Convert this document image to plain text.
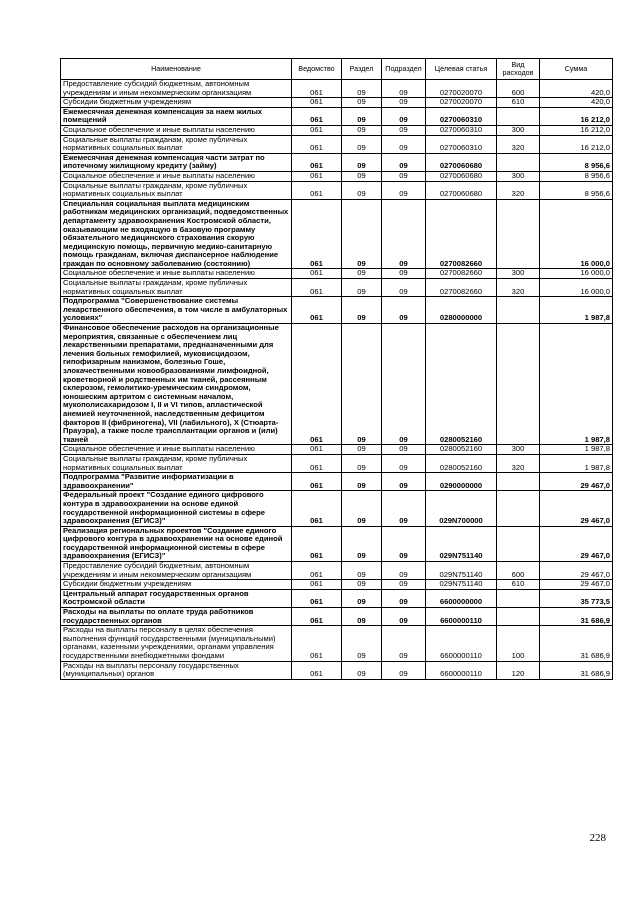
Наименование	Ведомство	Раздел	Подраздел	Целевая статья	Вид расходов	Сумма
Предоставление субсидий бюджетным, автономным учреждениям и иным некоммерческим организациям	061	09	09	0270020070	600	420,0
Субсидии бюджетным учреждениям	061	09	09	0270020070	610	420,0
Ежемесячная денежная компенсация за наем жилых помещений	061	09	09	0270060310		16 212,0
Социальное обеспечение и иные выплаты населению	061	09	09	0270060310	300	16 212,0
Социальные выплаты гражданам, кроме публичных нормативных социальных выплат	061	09	09	0270060310	320	16 212,0
Ежемесячная денежная компенсация части затрат по ипотечному жилищному кредиту (займу)	061	09	09	0270060680		8 956,6
Социальное обеспечение и иные выплаты населению	061	09	09	0270060680	300	8 956,6
Социальные выплаты гражданам, кроме публичных нормативных социальных выплат	061	09	09	0270060680	320	8 956,6
Специальная социальная выплата медицинским работникам медицинских организаций, подведомственных департаменту здравоохранения Костромской области, оказывающим не входящую в базовую программу обязательного медицинского страхования скорую медицинскую помощь, первичную медико-санитарную помощь гражданам, включая диспансерное наблюдение граждан по основному заболеванию (состоянию)	061	09	09	0270082660		16 000,0
Социальное обеспечение и иные выплаты населению	061	09	09	0270082660	300	16 000,0
Социальные выплаты гражданам, кроме публичных нормативных социальных выплат	061	09	09	0270082660	320	16 000,0
Подпрограмма "Совершенствование системы лекарственного обеспечения, в том числе в амбулаторных условиях"	061	09	09	0280000000		1 987,8
Финансовое обеспечение расходов на организационные мероприятия, связанные с обеспечением лиц лекарственными препаратами, предназначенными для лечения больных гемофилией, муковисцидозом, гипофизарным нанизмом, болезнью Гоше, злокачественными новообразованиями лимфоидной, кроветворной и родственных им тканей, рассеянным склерозом, гемолитико-уремическим синдромом, юношеским артритом с системным началом, мукополисахаридозом I, II и VI типов, апластической анемией неуточненной, наследственным дефицитом факторов II (фибриногена), VII (лабильного), X (Стюарта-Прауэра), а также после трансплантации органов и (или) тканей	061	09	09	0280052160		1 987,8
Социальное обеспечение и иные выплаты населению	061	09	09	0280052160	300	1 987,8
Социальные выплаты гражданам, кроме публичных нормативных социальных выплат	061	09	09	0280052160	320	1 987,8
Подпрограмма "Развитие информатизации в здравоохранении"	061	09	09	0290000000		29 467,0
Федеральный проект "Создание единого цифрового контура в здравоохранении на основе единой государственной информационной системы в сфере здравоохранения (ЕГИСЗ)"	061	09	09	029N700000		29 467,0
Реализация региональных проектов "Создание единого цифрового контура в здравоохранении на основе единой государственной информационной системы в сфере здравоохранения (ЕГИСЗ)"	061	09	09	029N751140		29 467,0
Предоставление субсидий бюджетным, автономным учреждениям и иным некоммерческим организациям	061	09	09	029N751140	600	29 467,0
Субсидии бюджетным учреждениям	061	09	09	029N751140	610	29 467,0
Центральный аппарат государственных органов Костромской области	061	09	09	6600000000		35 773,5
Расходы на выплаты по оплате труда работников государственных органов	061	09	09	6600000110		31 686,9
Расходы на выплаты персоналу в целях обеспечения выполнения функций государственными (муниципальными) органами, казенными учреждениями, органами управления государственными внебюджетными фондами	061	09	09	6600000110	100	31 686,9
Расходы на выплаты персоналу государственных (муниципальных) органов	061	09	09	6600000110	120	31 686,9
228
